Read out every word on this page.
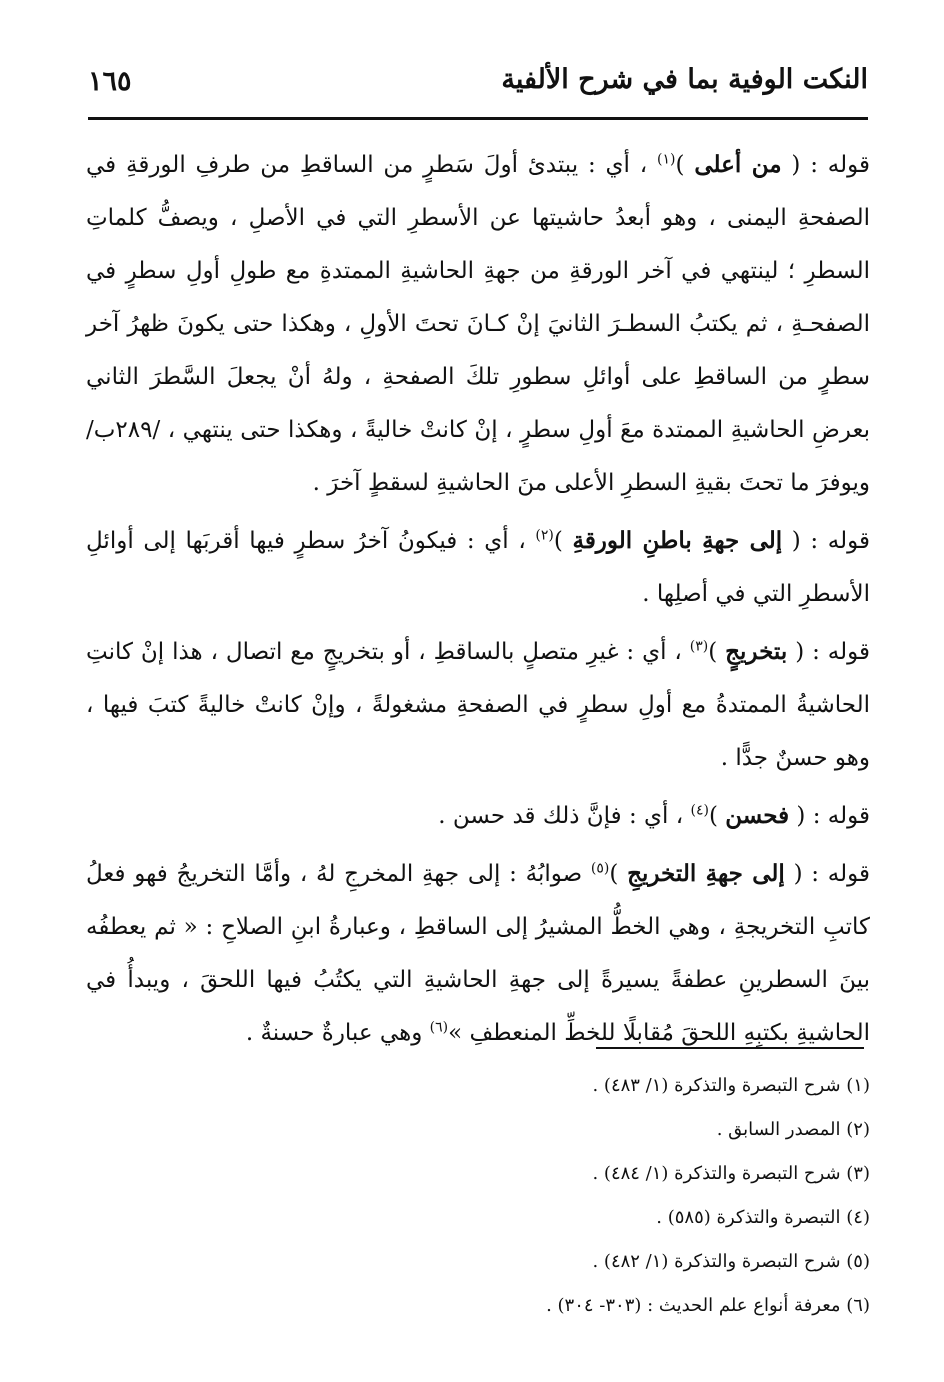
النكت الوفية بما في شرح الألفية
١٦٥

قوله : ( من أعلى )$^{(١)}$ ، أي : يبتدئ أولَ سَطرٍ من الساقطِ من طرفِ الورقةِ في الصفحةِ اليمنى ، وهو أبعدُ حاشيتها عن الأسطرِ التي في الأصلِ ، ويصفُّ كلماتِ السطرِ ؛ لينتهي في آخر الورقةِ من جهةِ الحاشيةِ الممتدةِ مع طولِ أولِ سطرٍ في الصفحـةِ ، ثم يكتبُ السطـرَ الثانيَ إنْ كـانَ تحتَ الأولِ ، وهكذا حتى يكونَ ظهرُ آخر سطرٍ من الساقطِ على أوائلِ سطورِ تلكَ الصفحةِ ، ولهُ أنْ يجعلَ السَّطرَ الثاني بعرضِ الحاشيةِ الممتدة معَ أولِ سطرٍ ، إنْ كانتْ خاليةً ، وهكذا حتى ينتهي ، /٢٨٩ب/ ويوفرَ ما تحتَ بقيةِ السطرِ الأعلى منَ الحاشيةِ لسقطٍ آخرَ .

قوله : ( إلى جهةِ باطنِ الورقةِ )$^{(٢)}$ ، أي : فيكونُ آخرُ سطرٍ فيها أقربَها إلى أوائلِ الأسطرِ التي في أصلِها .

قوله : ( بتخريجٍ )$^{(٣)}$ ، أي : غيرِ متصلٍ بالساقطِ ، أو بتخريجٍ مع اتصال ، هذا إنْ كانتِ الحاشيةُ الممتدةُ مع أولِ سطرٍ في الصفحةِ مشغولةً ، وإنْ كانتْ خاليةً كتبَ فيها ، وهو حسنٌ جدًّا .

قوله : ( فحسن )$^{(٤)}$ ، أي : فإنَّ ذلك قد حسن .

قوله : ( إلى جهةِ التخريجِ )$^{(٥)}$ صوابُهُ : إلى جهةِ المخرجِ لهُ ، وأمَّا التخريجُ فهو فعلُ كاتبِ التخريجةِ ، وهي الخطُّ المشيرُ إلى الساقطِ ، وعبارةُ ابنِ الصلاحِ : « ثم يعطفُه بينَ السطرينِ عطفةً يسيرةً إلى جهةِ الحاشيةِ التي يكتُبُ فيها اللحقَ ، ويبدأُ في الحاشيةِ بكتبِهِ اللحقَ مُقابلًا للخطِّ المنعطفِ »$^{(٦)}$ وهي عبارةٌ حسنةٌ .

(١) شرح التبصرة والتذكرة (١/ ٤٨٣) .
(٢) المصدر السابق .
(٣) شرح التبصرة والتذكرة (١/ ٤٨٤) .
(٤) التبصرة والتذكرة (٥٨٥) .
(٥) شرح التبصرة والتذكرة (١/ ٤٨٢) .
(٦) معرفة أنواع علم الحديث : (٣٠٣- ٣٠٤) .
